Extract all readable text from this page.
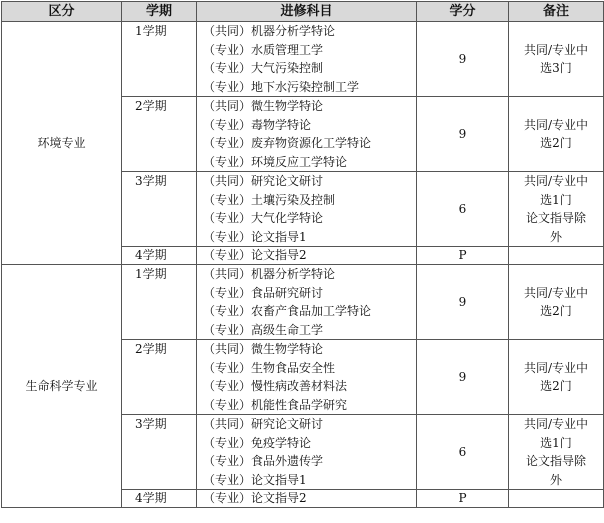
区分	学期	进修科目	学分	备注
环境专业	1学期	（共同）机器分析学特论
（专业）水质管理工学
（专业）大气污染控制
（专业）地下水污染控制工学	9	共同/专业中
选3门

	2学期	（共同）微生物学特论
（专业）毒物学特论
（专业）废弃物资源化工学特论
（专业）环境反应工学特论	9	共同/专业中
选2门

	3学期	（共同）研究论文研讨
（专业）土壤污染及控制
（专业）大气化学特论
（专业）论文指导1	6	共同/专业中
选1门
论文指导除
外

	4学期	（专业）论文指导2	P	
生命科学专业	1学期	（共同）机器分析学特论
（专业）食品研究研讨
（专业）农畜产食品加工学特论
（专业）高级生命工学	9	共同/专业中
选2门

	2学期	（共同）微生物学特论
（专业）生物食品安全性
（专业）慢性病改善材料法
（专业）机能性食品学研究	9	共同/专业中
选2门

	3学期	（共同）研究论文研讨
（专业）免疫学特论
（专业）食品外遗传学
（专业）论文指导1	6	共同/专业中
选1门
论文指导除
外

	4学期	（专业）论文指导2	P	
